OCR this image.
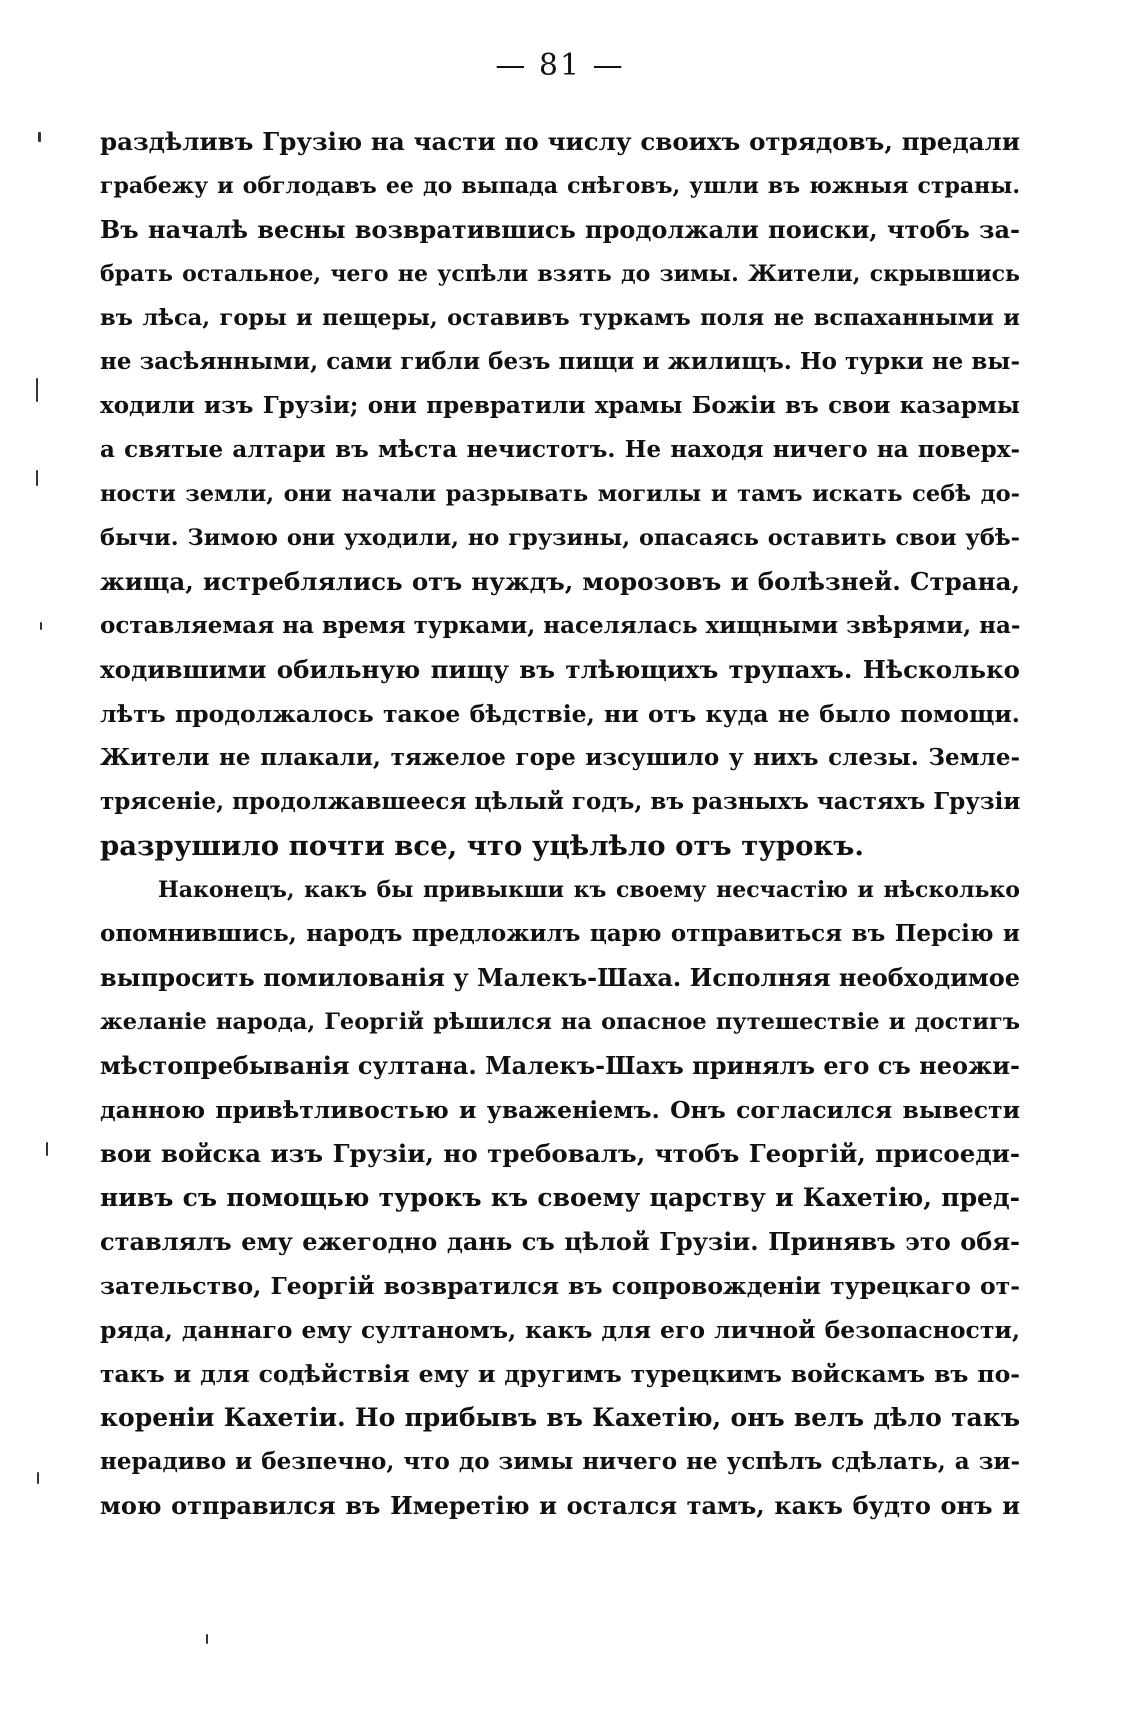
— 81 —
раздѣливъ Грузію на части по числу своихъ отрядовъ, предали
грабежу и обглодавъ ее до выпада снѣговъ, ушли въ южныя страны.
Въ началѣ весны возвратившись продолжали поиски, чтобъ за-
брать остальное, чего не успѣли взять до зимы. Жители, скрывшись
въ лѣса, горы и пещеры, оставивъ туркамъ поля не вспаханными и
не засѣянными, сами гибли безъ пищи и жилищъ. Но турки не вы-
ходили изъ Грузіи; они превратили храмы Божіи въ свои казармы
а святые алтари въ мѣста нечистотъ. Не находя ничего на поверх-
ности земли, они начали разрывать могилы и тамъ искать себѣ до-
бычи. Зимою они уходили, но грузины, опасаясь оставить свои убѣ-
жища, истреблялись отъ нуждъ, морозовъ и болѣзней. Страна,
оставляемая на время турками, населялась хищными звѣрями, на-
ходившими обильную пищу въ тлѣющихъ трупахъ. Нѣсколько
лѣтъ продолжалось такое бѣдствіе, ни отъ куда не было помощи.
Жители не плакали, тяжелое горе изсушило у нихъ слезы. Землe-
трясеніе, продолжавшееся цѣлый годъ, въ разныхъ частяхъ Грузіи
разрушило почти все, что уцѣлѣло отъ турокъ.
Наконецъ, какъ бы привыкши къ своему несчастію и нѣсколько
опомнившись, народъ предложилъ царю отправиться въ Персію и
выпросить помилованія у Малекъ-Шаха. Исполняя необходимое
желаніе народа, Георгій рѣшился на опасное путешествіе и достигъ
мѣстопребыванія султана. Малекъ-Шахъ принялъ его съ неожи-
данною привѣтливостью и уваженіемъ. Онъ согласился вывести
вои войска изъ Грузіи, но требовалъ, чтобъ Георгій, присоеди-
нивъ съ помощью турокъ къ своему царству и Кахетію, пред-
ставлялъ ему ежегодно дань съ цѣлой Грузіи. Принявъ это обя-
зательство, Георгій возвратился въ сопровожденіи турецкаго от-
ряда, даннаго ему султаномъ, какъ для его личной безопасности,
такъ и для содѣйствія ему и другимъ турецкимъ войскамъ въ по-
кореніи Кахетіи. Но прибывъ въ Кахетію, онъ велъ дѣло такъ
нерадиво и безпечно, что до зимы ничего не успѣлъ сдѣлать, а зи-
мою отправился въ Имеретію и остался тамъ, какъ будто онъ и
